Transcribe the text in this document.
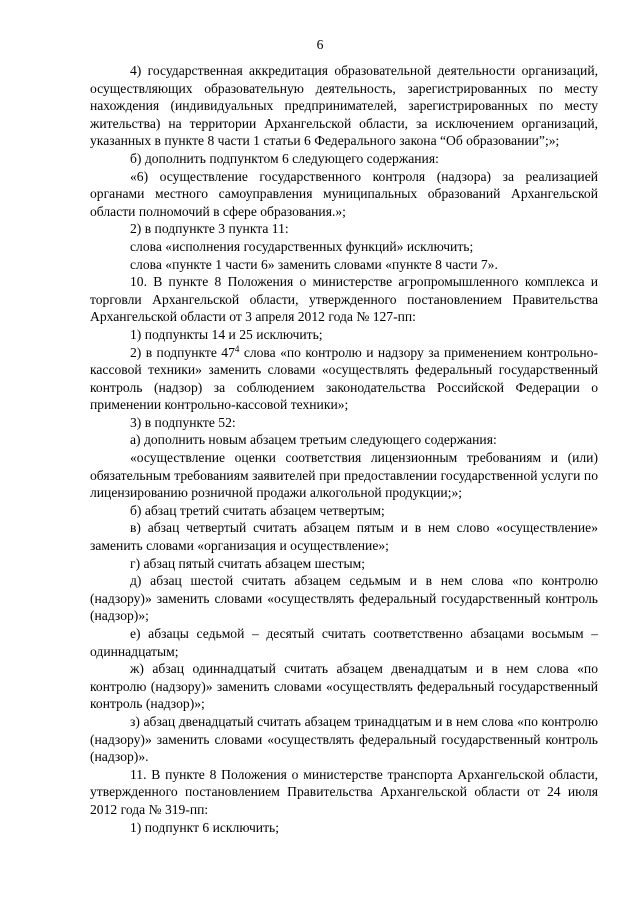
6

4) государственная аккредитация образовательной деятельности организаций, осуществляющих образовательную деятельность, зарегистрированных по месту нахождения (индивидуальных предпринимателей, зарегистрированных по месту жительства) на территории Архангельской области, за исключением организаций, указанных в пункте 8 части 1 статьи 6 Федерального закона “Об образовании”;»;

б) дополнить подпунктом 6 следующего содержания:

«6) осуществление государственного контроля (надзора) за реализацией органами местного самоуправления муниципальных образований Архангельской области полномочий в сфере образования.»;

2) в подпункте 3 пункта 11:

слова «исполнения государственных функций» исключить;

слова «пункте 1 части 6» заменить словами «пункте 8 части 7».

10. В пункте 8 Положения о министерстве агропромышленного комплекса и торговли Архангельской области, утвержденного постановлением Правительства Архангельской области от 3 апреля 2012 года № 127-пп:

1) подпункты 14 и 25 исключить;

2) в подпункте $47^4$ слова «по контролю и надзору за применением контрольно-кассовой техники» заменить словами «осуществлять федеральный государственный контроль (надзор) за соблюдением законодательства Российской Федерации о применении контрольно-кассовой техники»;

3) в подпункте 52:

а) дополнить новым абзацем третьим следующего содержания:

«осуществление оценки соответствия лицензионным требованиям и (или) обязательным требованиям заявителей при предоставлении государственной услуги по лицензированию розничной продажи алкогольной продукции;»;

б) абзац третий считать абзацем четвертым;

в) абзац четвертый считать абзацем пятым и в нем слово «осуществление» заменить словами «организация и осуществление»;

г) абзац пятый считать абзацем шестым;

д) абзац шестой считать абзацем седьмым и в нем слова «по контролю (надзору)» заменить словами «осуществлять федеральный государственный контроль (надзор)»;

е) абзацы седьмой – десятый считать соответственно абзацами восьмым – одиннадцатым;

ж) абзац одиннадцатый считать абзацем двенадцатым и в нем слова «по контролю (надзору)» заменить словами «осуществлять федеральный государственный контроль (надзор)»;

з) абзац двенадцатый считать абзацем тринадцатым и в нем слова «по контролю (надзору)» заменить словами «осуществлять федеральный государственный контроль (надзор)».

11. В пункте 8 Положения о министерстве транспорта Архангельской области, утвержденного постановлением Правительства Архангельской области от 24 июля 2012 года № 319-пп:

1) подпункт 6 исключить;
